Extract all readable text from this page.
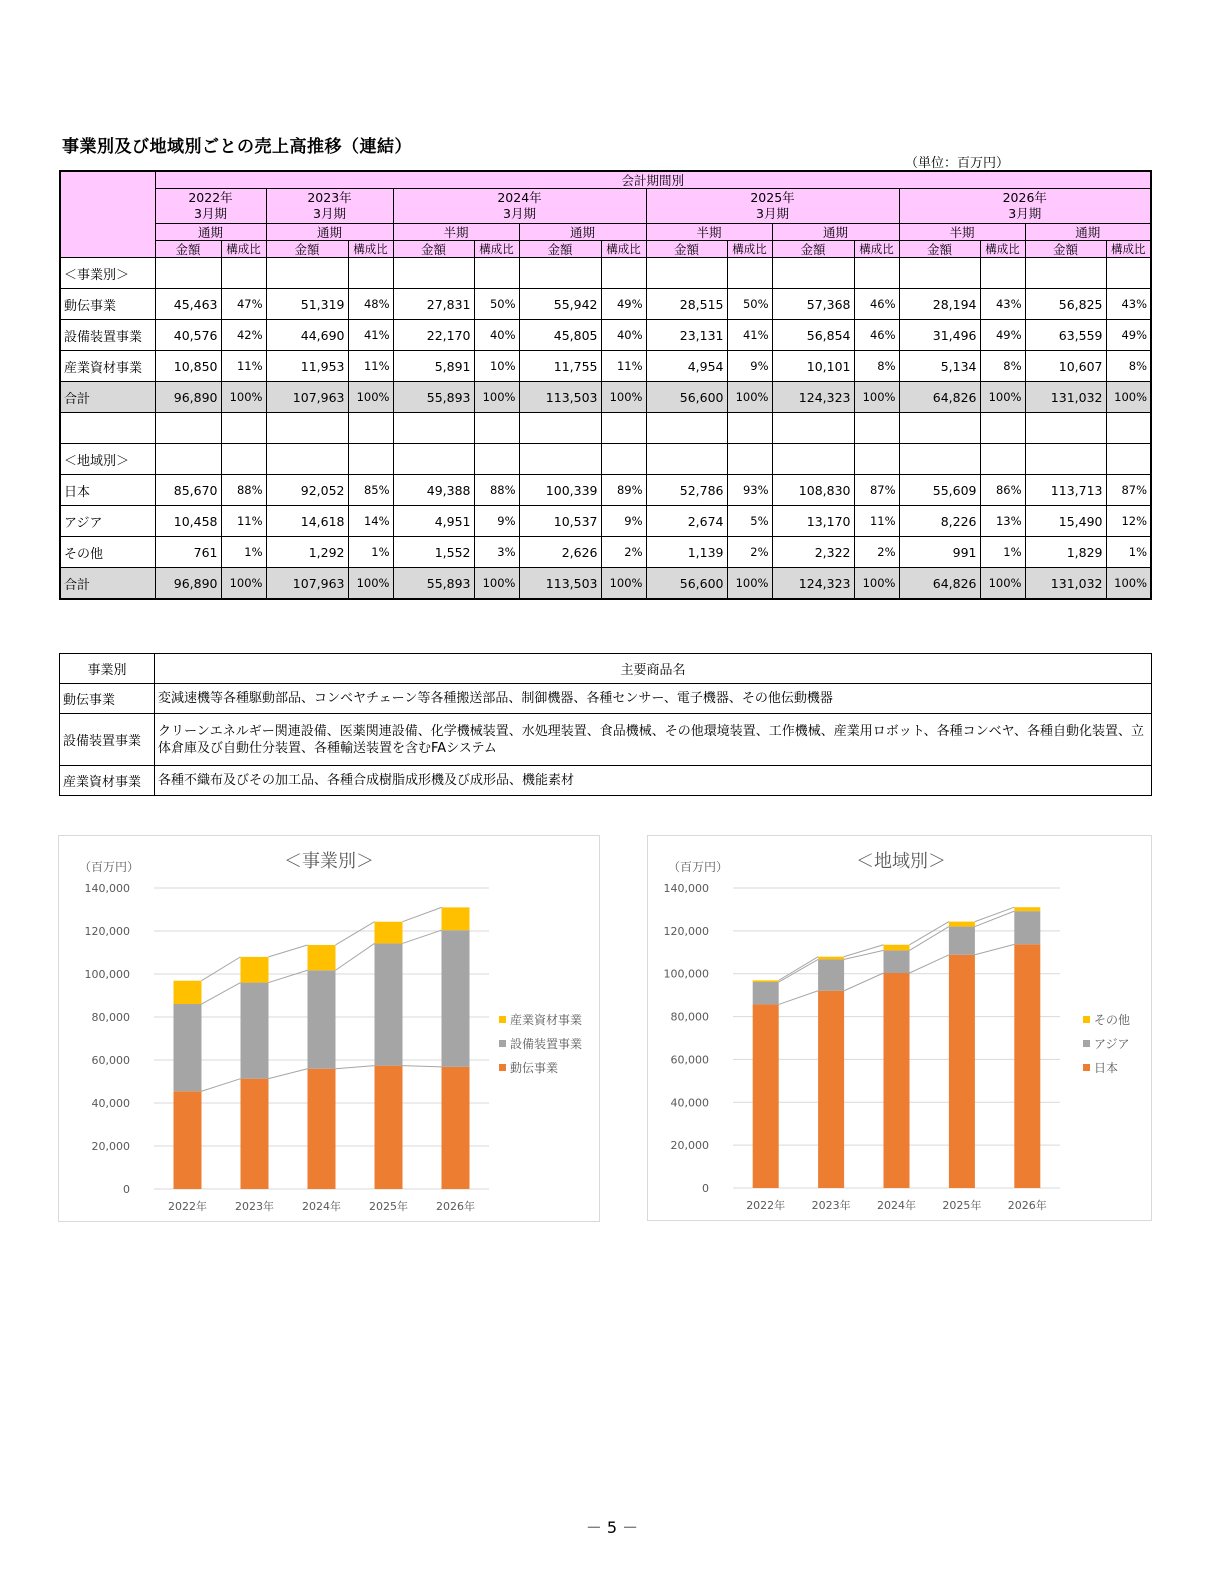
事業別及び地域別ごとの売上高推移（連結）
（単位：百万円）
	会計期間別															
	2022年
3月期		2023年
3月期		2024年
3月期				2025年
3月期				2026年
3月期			
	通期		通期		半期		通期		半期		通期		半期		通期	
	金額	構成比	金額	構成比	金額	構成比	金額	構成比	金額	構成比	金額	構成比	金額	構成比	金額	構成比
＜事業別＞																
動伝事業	45,463	47%	51,319	48%	27,831	50%	55,942	49%	28,515	50%	57,368	46%	28,194	43%	56,825	43%
設備装置事業	40,576	42%	44,690	41%	22,170	40%	45,805	40%	23,131	41%	56,854	46%	31,496	49%	63,559	49%
産業資材事業	10,850	11%	11,953	11%	5,891	10%	11,755	11%	4,954	9%	10,101	8%	5,134	8%	10,607	8%
合計	96,890	100%	107,963	100%	55,893	100%	113,503	100%	56,600	100%	124,323	100%	64,826	100%	131,032	100%

＜地域別＞																
日本	85,670	88%	92,052	85%	49,388	88%	100,339	89%	52,786	93%	108,830	87%	55,609	86%	113,713	87%
アジア	10,458	11%	14,618	14%	4,951	9%	10,537	9%	2,674	5%	13,170	11%	8,226	13%	15,490	12%
その他	761	1%	1,292	1%	1,552	3%	2,626	2%	1,139	2%	2,322	2%	991	1%	1,829	1%
合計	96,890	100%	107,963	100%	55,893	100%	113,503	100%	56,600	100%	124,323	100%	64,826	100%	131,032	100%
事業別	主要商品名
動伝事業	変減速機等各種駆動部品、コンベヤチェーン等各種搬送部品、制御機器、各種センサー、電子機器、その他伝動機器
設備装置事業	クリーンエネルギー関連設備、医薬関連設備、化学機械装置、水処理装置、食品機械、その他環境装置、工作機械、産業用ロボット、各種コンベヤ、各種自動化装置、立体倉庫及び自動仕分装置、各種輸送装置を含むFAシステム
産業資材事業	各種不織布及びその加工品、各種合成樹脂成形機及び成形品、機能素材
＜事業別＞
（百万円）
0
20,000
40,000
60,000
80,000
100,000
120,000
140,000
2022年	2023年	2024年	2025年	2026年
産業資材事業
設備装置事業
動伝事業
＜地域別＞
（百万円）
0
20,000
40,000
60,000
80,000
100,000
120,000
140,000
2022年 2023年 2024年 2025年 2026年
その他
アジア
日本
－ 5 －
